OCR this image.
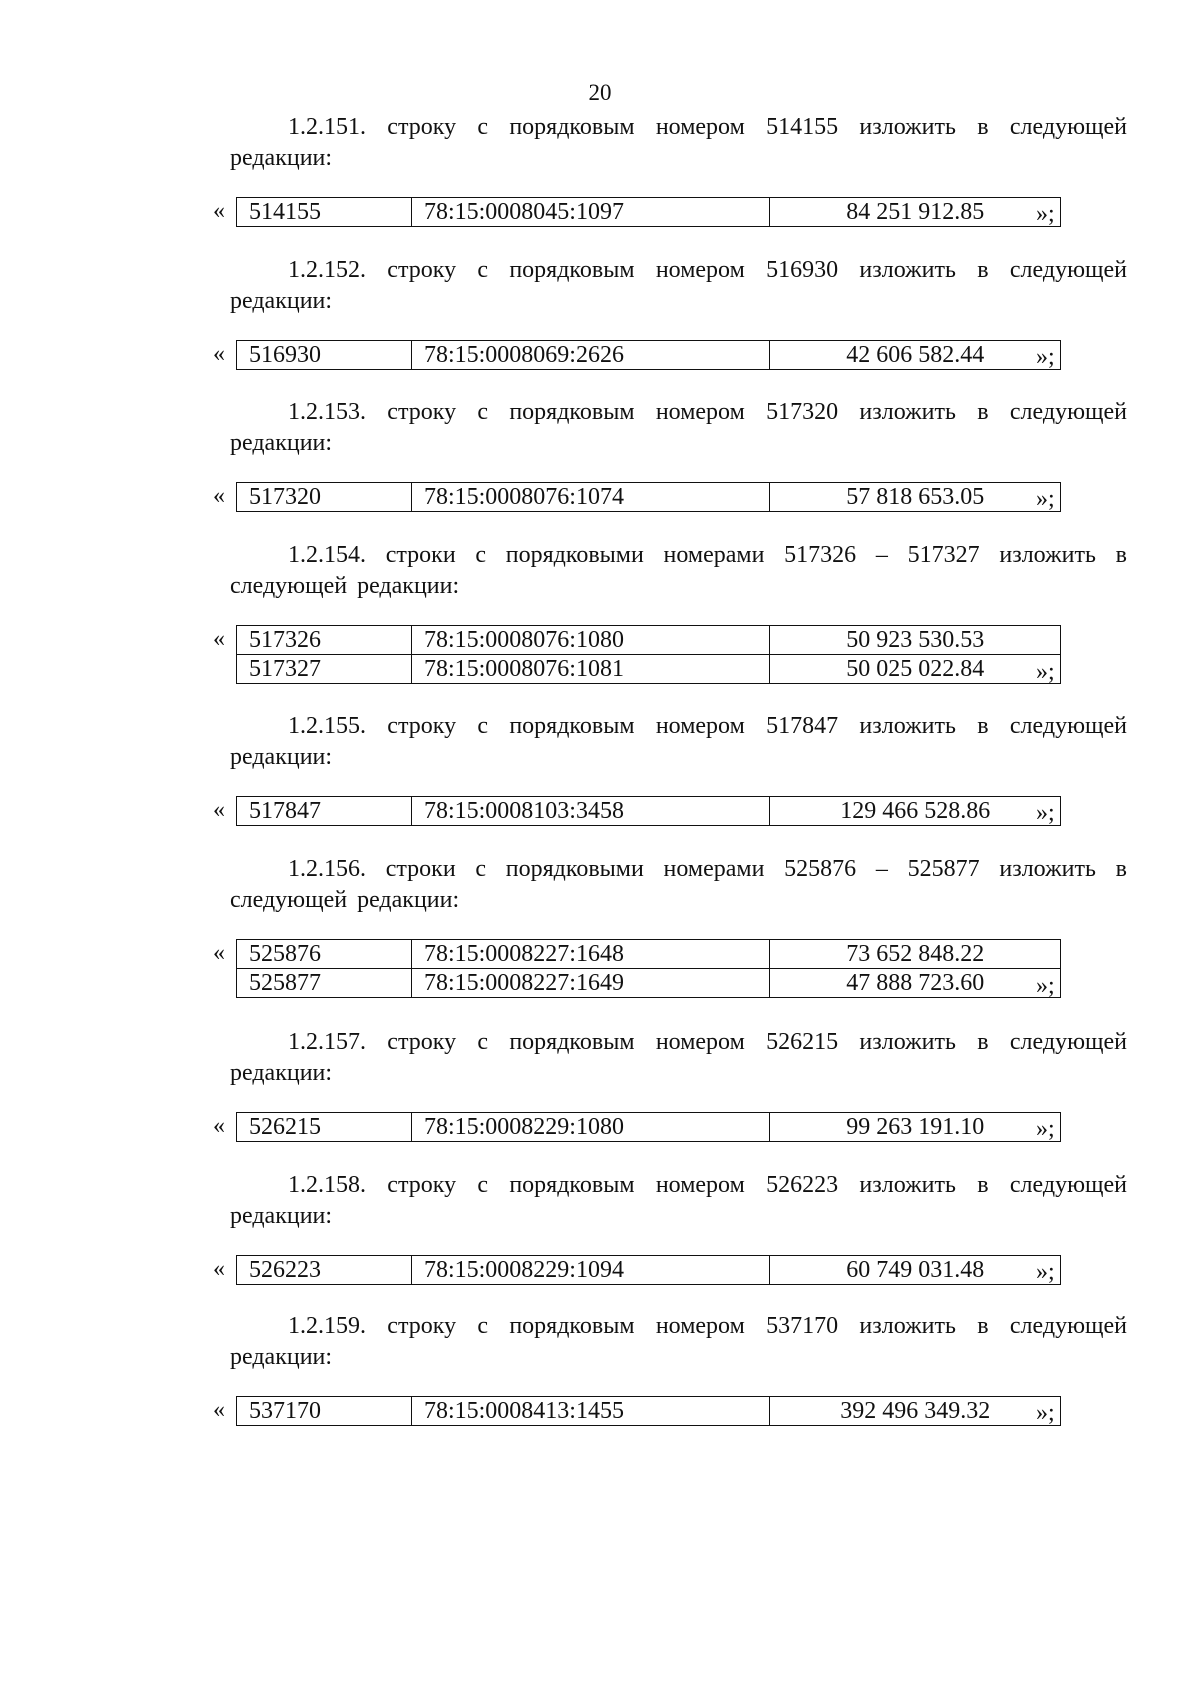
20
1.2.151. строку с порядковым номером 514155 изложить в следующей редакции:
514155	78:15:0008045:1097	84 251 912.85
«	»;
1.2.152. строку с порядковым номером 516930 изложить в следующей редакции:
516930	78:15:0008069:2626	42 606 582.44
«	»;
1.2.153. строку с порядковым номером 517320 изложить в следующей редакции:
517320	78:15:0008076:1074	57 818 653.05
«	»;
1.2.154. строки с порядковыми номерами 517326 – 517327 изложить в следующей редакции:
517326	78:15:0008076:1080	50 923 530.53
517327	78:15:0008076:1081	50 025 022.84
«
»;
1.2.155. строку с порядковым номером 517847 изложить в следующей редакции:
517847	78:15:0008103:3458	129 466 528.86
«	»;
1.2.156. строки с порядковыми номерами 525876 – 525877 изложить в следующей редакции:
525876	78:15:0008227:1648	73 652 848.22
525877	78:15:0008227:1649	47 888 723.60
«
»;
1.2.157. строку с порядковым номером 526215 изложить в следующей редакции:
526215	78:15:0008229:1080	99 263 191.10
«	»;
1.2.158. строку с порядковым номером 526223 изложить в следующей редакции:
526223	78:15:0008229:1094	60 749 031.48
«	»;
1.2.159. строку с порядковым номером 537170 изложить в следующей редакции:
537170	78:15:0008413:1455	392 496 349.32
«	»;
